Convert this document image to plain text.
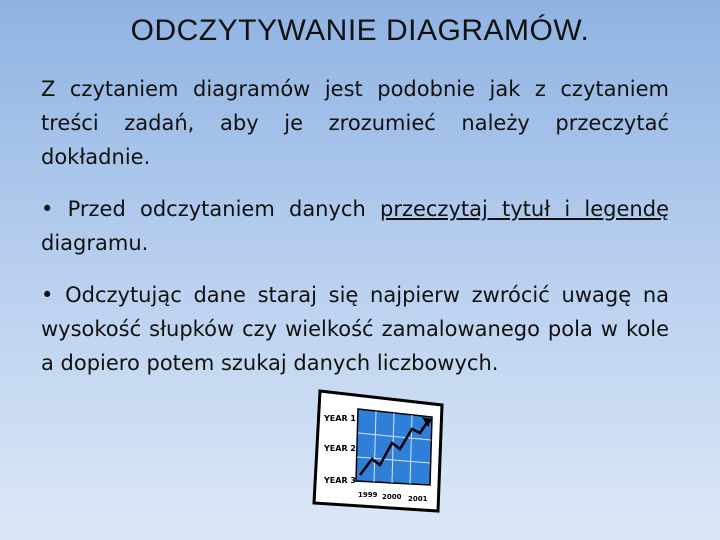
ODCZYTYWANIE DIAGRAMÓW.
Z czytaniem diagramów jest podobnie jak z czytaniem treści zadań, aby je zrozumieć należy przeczytać dokładnie.
• Przed odczytaniem danych przeczytaj tytuł i legendę diagramu.
• Odczytując dane staraj się najpierw zwrócić uwagę na wysokość słupków czy wielkość zamalowanego pola w kole a dopiero potem szukaj danych liczbowych.
YEAR 1
YEAR 2
YEAR 3
1999 2000 2001
